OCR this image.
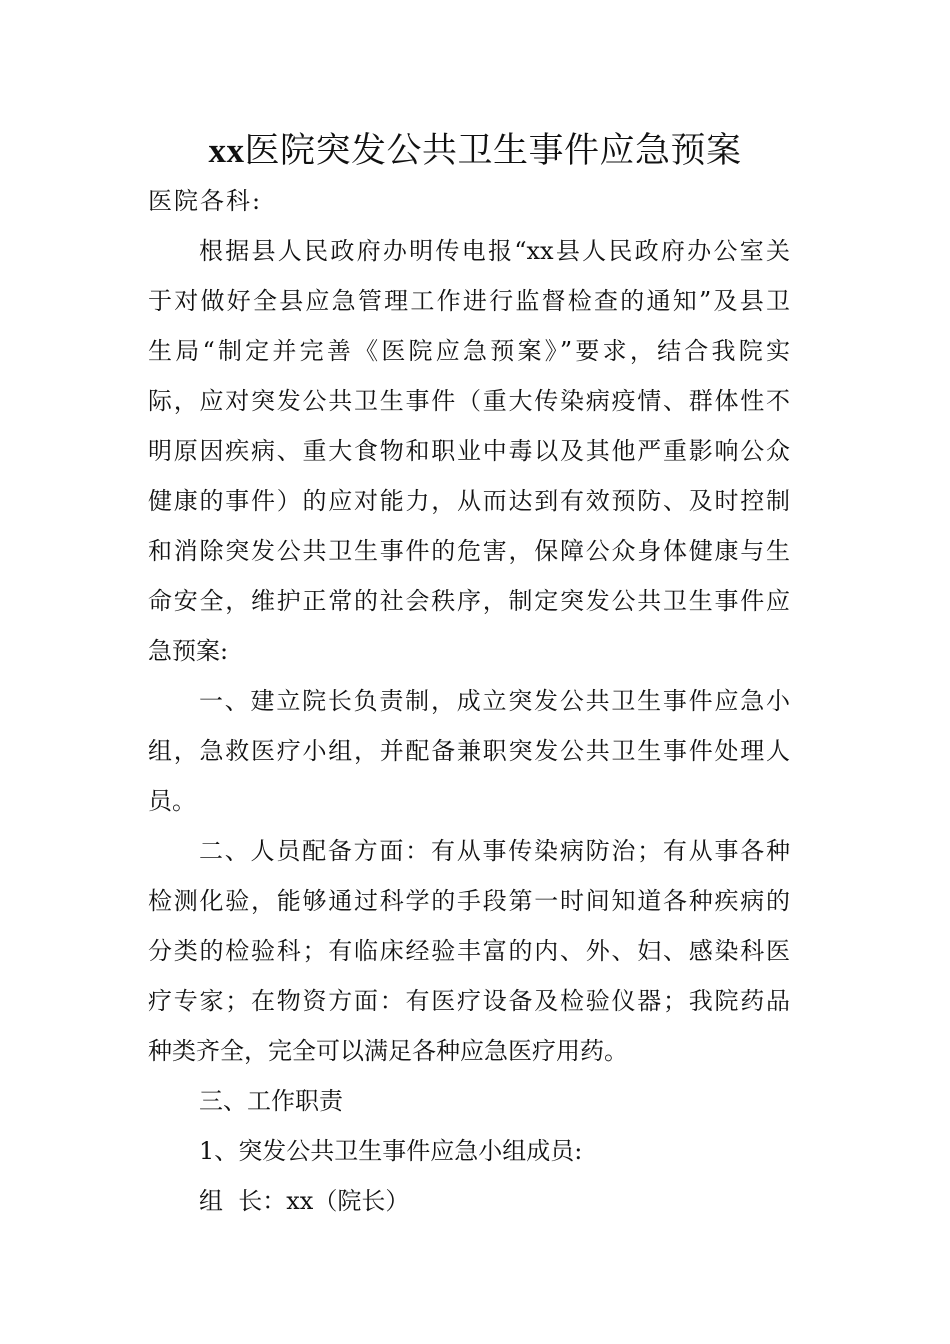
xx医院突发公共卫生事件应急预案
医院各科:
根据县人民政府办明传电报“xx县人民政府办公室关
于对做好全县应急管理工作进行监督检查的通知”及县卫
生局“制定并完善《医院应急预案》”要求，结合我院实
际，应对突发公共卫生事件（重大传染病疫情、群体性不
明原因疾病、重大食物和职业中毒以及其他严重影响公众
健康的事件）的应对能力，从而达到有效预防、及时控制
和消除突发公共卫生事件的危害，保障公众身体健康与生
命安全，维护正常的社会秩序，制定突发公共卫生事件应
急预案:
一、建立院长负责制，成立突发公共卫生事件应急小
组，急救医疗小组，并配备兼职突发公共卫生事件处理人
员。
二、人员配备方面：有从事传染病防治；有从事各种
检测化验，能够通过科学的手段第一时间知道各种疾病的
分类的检验科；有临床经验丰富的内、外、妇、感染科医
疗专家；在物资方面：有医疗设备及检验仪器；我院药品
种类齐全，完全可以满足各种应急医疗用药。
三、工作职责
1、突发公共卫生事件应急小组成员:
组  长：xx（院长）
